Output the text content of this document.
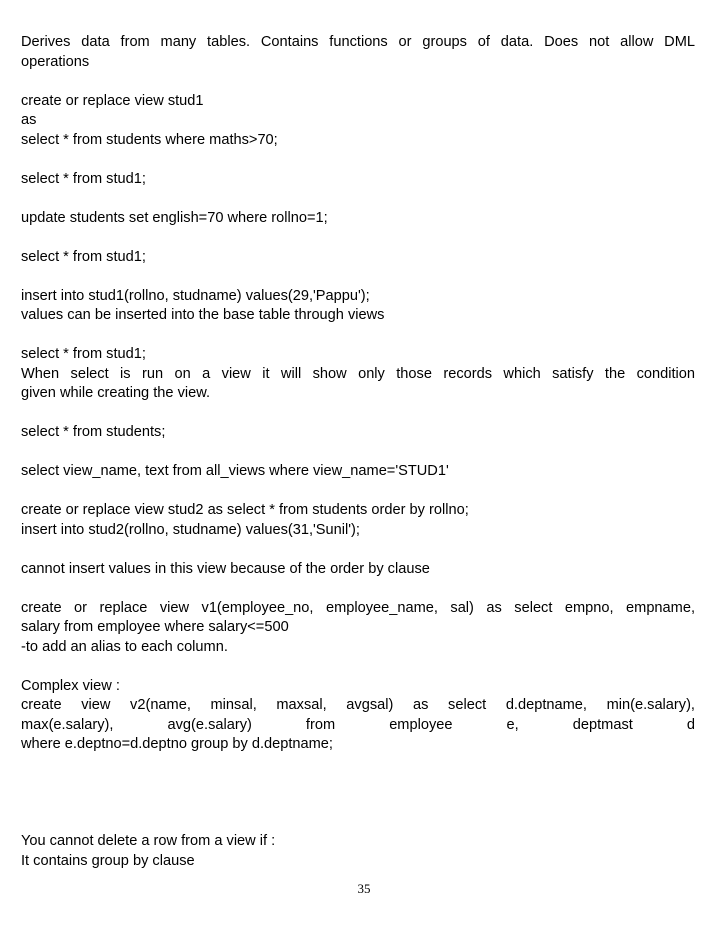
Derives data from many tables. Contains functions or groups of data. Does not allow DML
operations
create or replace view stud1
as
select * from students where maths>70;
select * from stud1;
update students set english=70 where rollno=1;
select * from stud1;
insert into stud1(rollno, studname) values(29,'Pappu');
values can be inserted into the base table through views
select * from stud1;
When select is run on a view it will show only those records which satisfy the condition
given while creating the view.
select * from students;
select view_name, text from all_views where view_name='STUD1'
create or replace view stud2 as select * from students order by rollno;
insert into stud2(rollno, studname) values(31,'Sunil');
cannot insert values in this view because of the order by clause
create or replace view v1(employee_no, employee_name, sal) as select empno, empname,
salary from employee where salary<=500
-to add an alias to each column.
Complex view :
create view v2(name, minsal, maxsal, avgsal) as select d.deptname, min(e.salary),
max(e.salary), avg(e.salary) from employee e, deptmast d
where e.deptno=d.deptno group by d.deptname;
You cannot delete a row from a view if :
It contains group by clause
35
